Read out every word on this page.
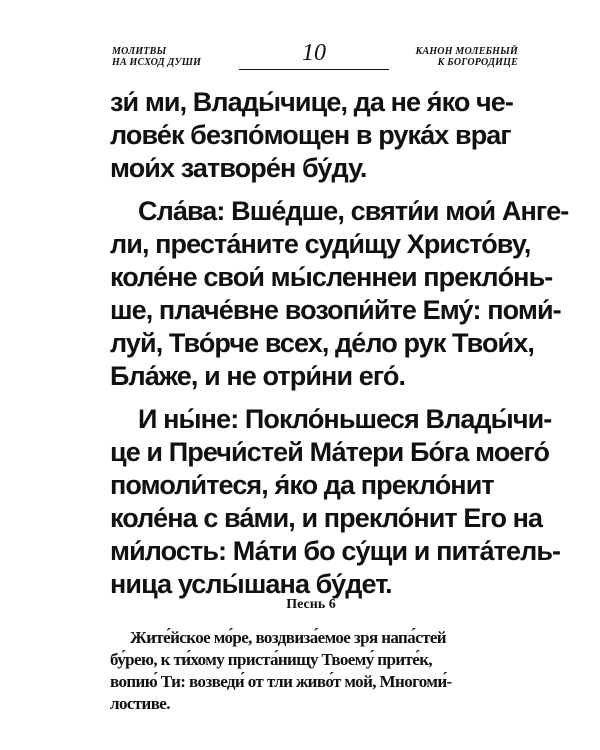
МОЛИТВЫ
НА ИСХОД ДУШИ	10	КАНОН МОЛЕБНЫЙ
К БОГОРОДИЦЕ

зи́ ми, Влады́чице, да не я́ко че-
лове́к безпо́мощен в рука́х враг
мои́х затворе́н бу́ду.

Сла́ва: Вше́дше, святи́и мои́ Анге-
ли, преста́ните суди́щу Христо́ву,
коле́не свои́ мы́сленнеи преклóнь-
ше, плаче́вне возопи́йте Ему́: поми́-
луй, Тво́рче всех, де́ло рук Твои́х,
Бла́же, и не отри́ни его́.

И ны́не: Покло́ньшеся Влады́чи-
це и Пречи́стей Ма́тери Бо́га моего́
помоли́теся, я́ко да прекло́нит
коле́на с ва́ми, и прекло́нит Его на
ми́лость: Ма́ти бо су́щи и пита́тель-
ница услы́шана бу́дет.

Песнь 6
Жите́йское мо́ре, воздвиза́емое зря напа́стей
бу́рею, к ти́хому приста́нищу Твоему́ прите́к,
вопию́ Ти: возведи́ от тли живо́т мой, Многоми́-
лостиве.
